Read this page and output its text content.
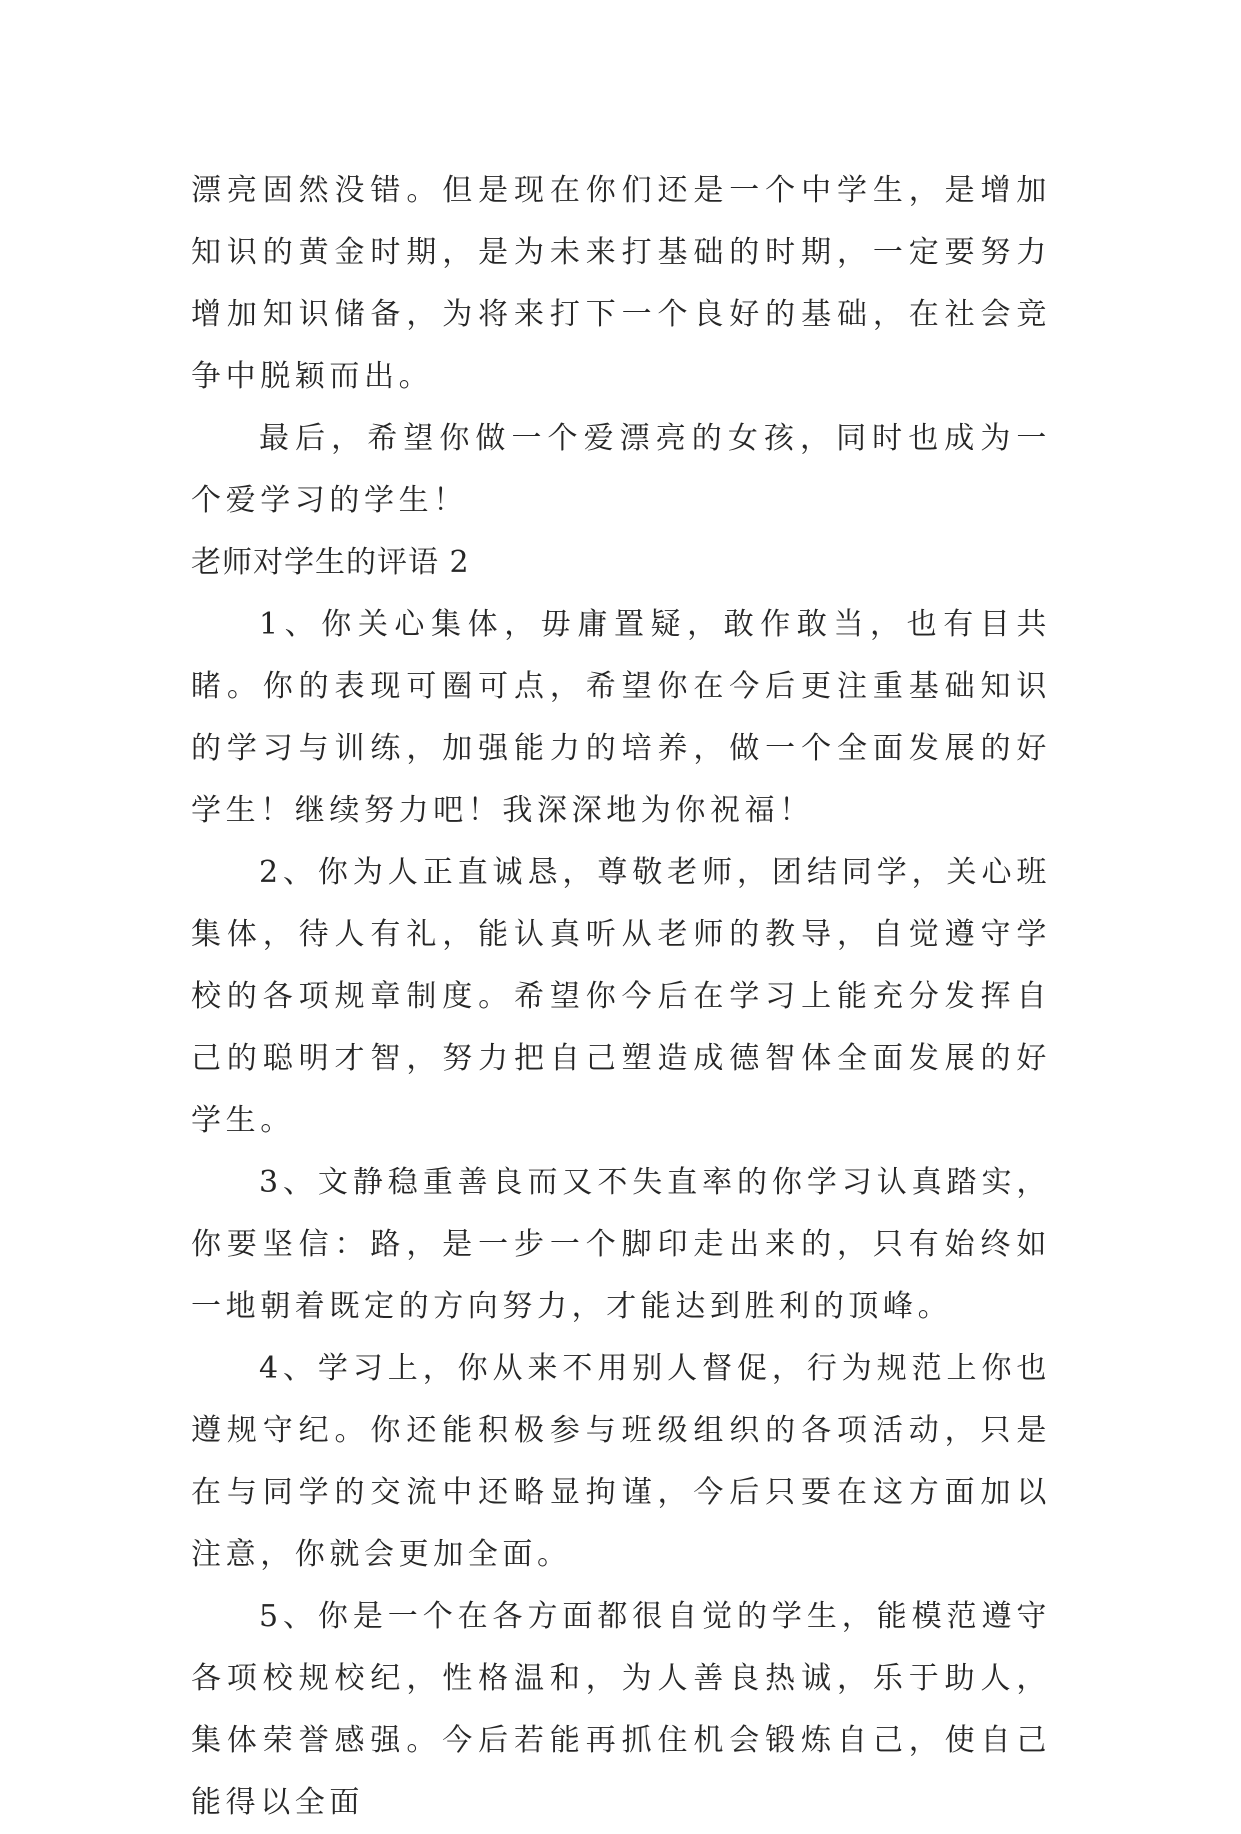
漂亮固然没错。但是现在你们还是一个中学生，是增加知识的黄金时期，是为未来打基础的时期，一定要努力增加知识储备，为将来打下一个良好的基础，在社会竞争中脱颖而出。

最后，希望你做一个爱漂亮的女孩，同时也成为一个爱学习的学生！

老师对学生的评语 2

1、你关心集体，毋庸置疑，敢作敢当，也有目共睹。你的表现可圈可点，希望你在今后更注重基础知识的学习与训练，加强能力的培养，做一个全面发展的好学生！继续努力吧！我深深地为你祝福！

2、你为人正直诚恳，尊敬老师，团结同学，关心班集体，待人有礼，能认真听从老师的教导，自觉遵守学校的各项规章制度。希望你今后在学习上能充分发挥自己的聪明才智，努力把自己塑造成德智体全面发展的好学生。

3、文静稳重善良而又不失直率的你学习认真踏实，你要坚信：路，是一步一个脚印走出来的，只有始终如一地朝着既定的方向努力，才能达到胜利的顶峰。

4、学习上，你从来不用别人督促，行为规范上你也遵规守纪。你还能积极参与班级组织的各项活动，只是在与同学的交流中还略显拘谨，今后只要在这方面加以注意，你就会更加全面。

5、你是一个在各方面都很自觉的学生，能模范遵守各项校规校纪，性格温和，为人善良热诚，乐于助人，集体荣誉感强。今后若能再抓住机会锻炼自己，使自己能得以全面
